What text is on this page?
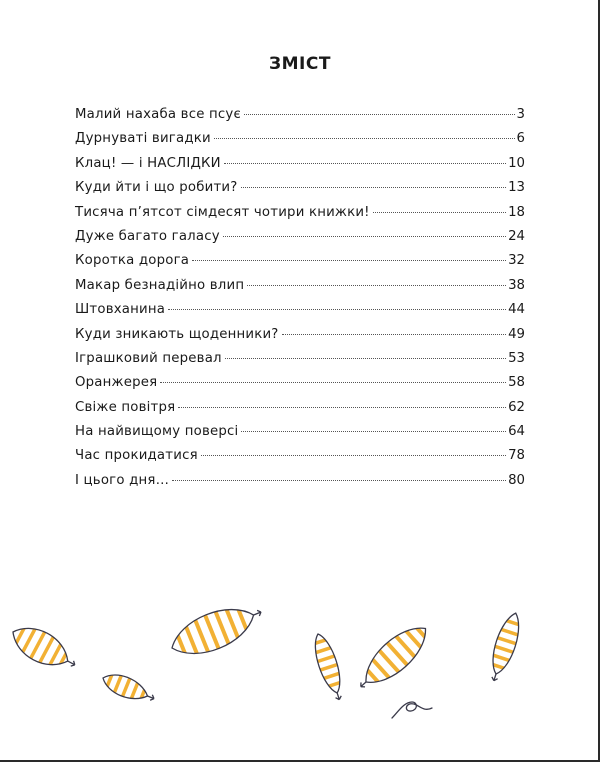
ЗМІСТ
Малий нахаба все псує	3
Дурнуваті вигадки	6
Клац! — і НАСЛІДКИ	10
Куди йти і що робити?	13
Тисяча п’ятсот сімдесят чотири книжки!	18
Дуже багато галасу	24
Коротка дорога	32
Макар безнадійно влип	38
Штовханина	44
Куди зникають щоденники?	49
Іграшковий перевал	53
Оранжерея	58
Свіже повітря	62
На найвищому поверсі	64
Час прокидатися	78
І цього дня…	80
